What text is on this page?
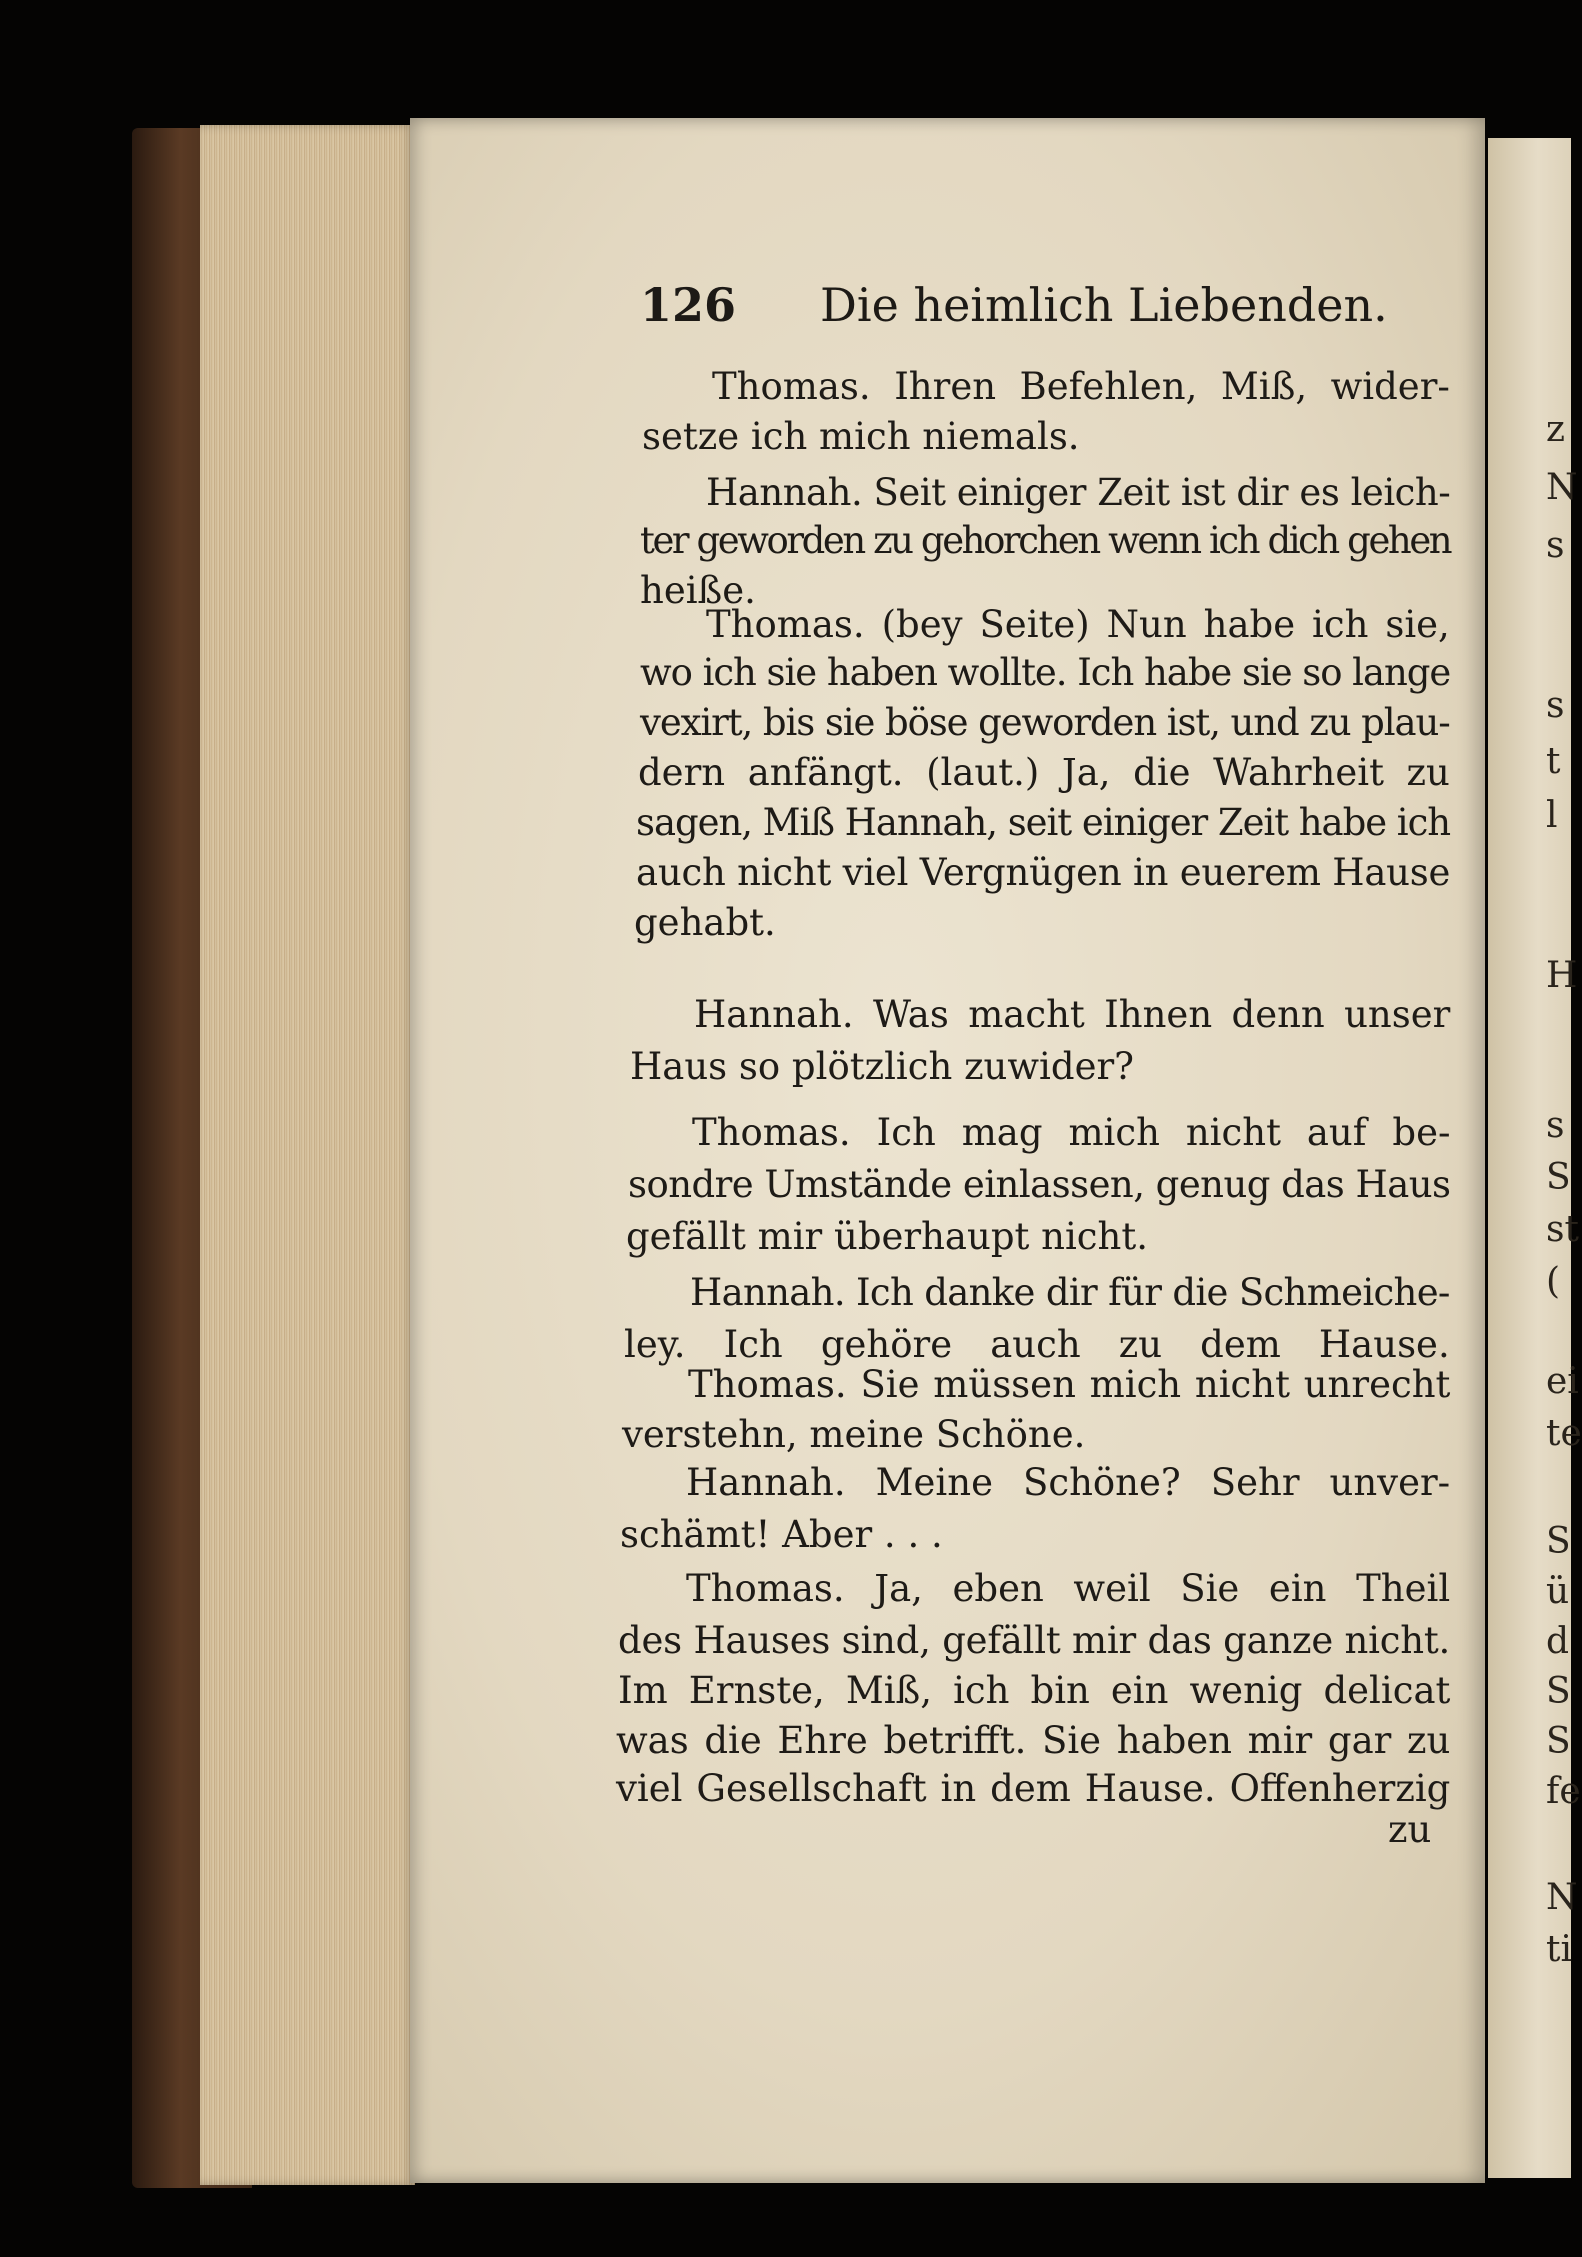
z
N
s
s
t
l
H
s
S
st
(
ei
te
S
ü
d
S
S
fe
N
ti
126 Die heimlich Liebenden.
Thomas. Ihren Befehlen, Miß, wider-
setze ich mich niemals.
Hannah. Seit einiger Zeit ist dir es leich-
ter geworden zu gehorchen wenn ich dich gehen
heiße.
Thomas. (bey Seite) Nun habe ich sie,
wo ich sie haben wollte. Ich habe sie so lange
vexirt, bis sie böse geworden ist, und zu plau-
dern anfängt. (laut.) Ja, die Wahrheit zu
sagen, Miß Hannah, seit einiger Zeit habe ich
auch nicht viel Vergnügen in euerem Hause
gehabt.
Hannah. Was macht Ihnen denn unser
Haus so plötzlich zuwider?
Thomas. Ich mag mich nicht auf be-
sondre Umstände einlassen, genug das Haus
gefällt mir überhaupt nicht.
Hannah. Ich danke dir für die Schmeiche-
ley. Ich gehöre auch zu dem Hause.
Thomas. Sie müssen mich nicht unrecht
verstehn, meine Schöne.
Hannah. Meine Schöne? Sehr unver-
schämt! Aber . . .
Thomas. Ja, eben weil Sie ein Theil
des Hauses sind, gefällt mir das ganze nicht.
Im Ernste, Miß, ich bin ein wenig delicat
was die Ehre betrifft. Sie haben mir gar zu
viel Gesellschaft in dem Hause. Offenherzig
zu
